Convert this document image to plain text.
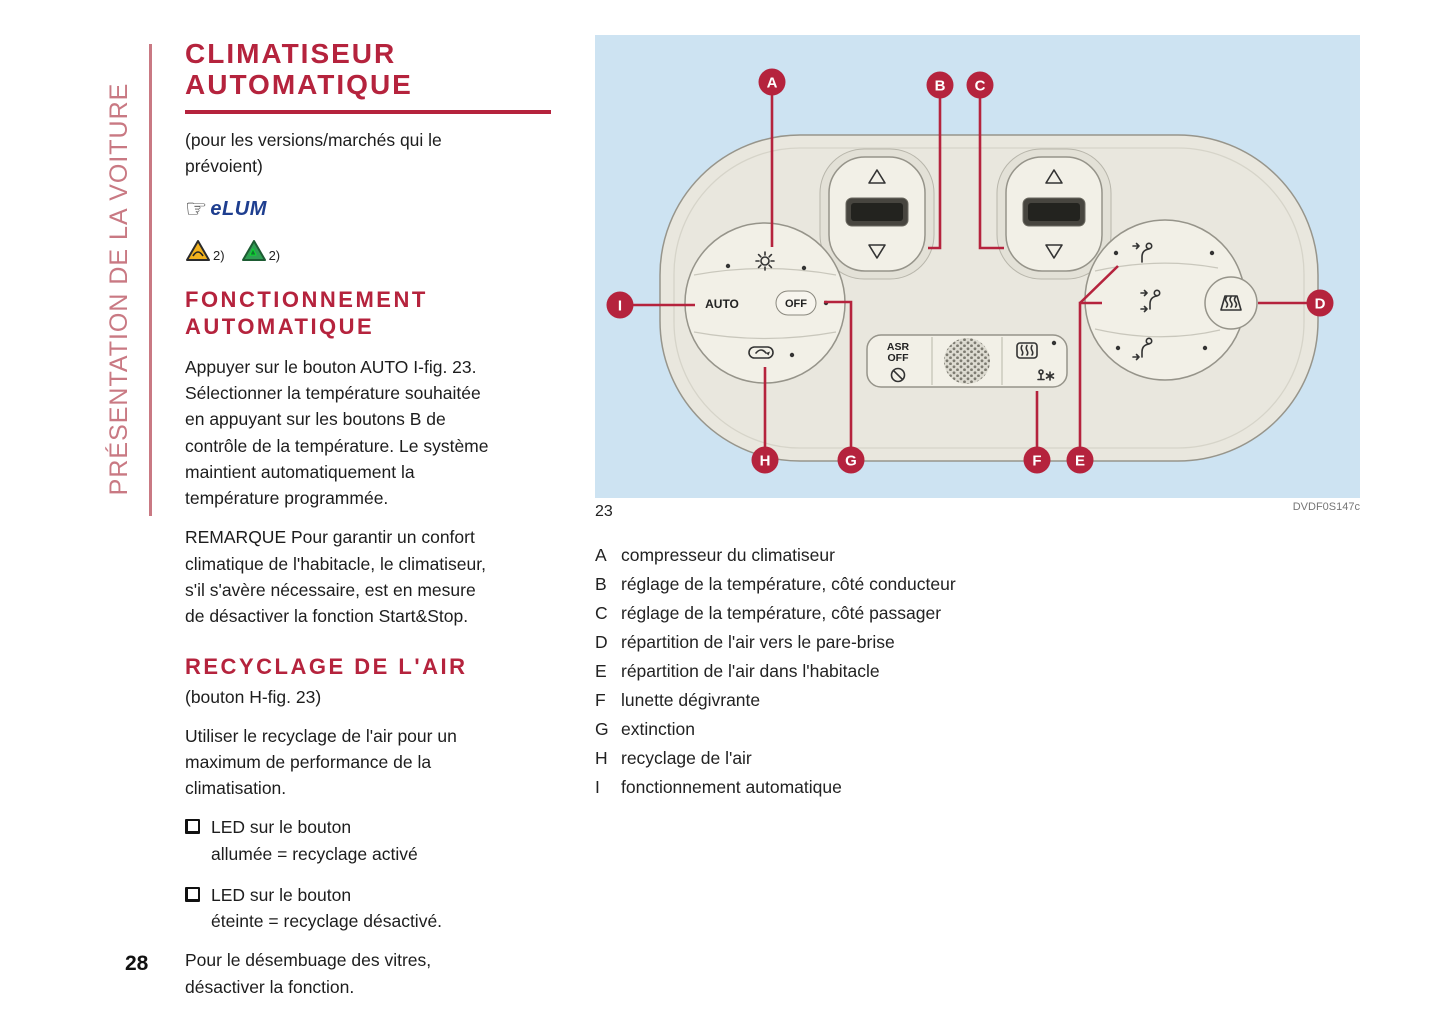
PRÉSENTATION DE LA VOITURE
28
CLIMATISEUR
AUTOMATIQUE
(pour les versions/marchés qui le
prévoient)
☞ eLUM
2)	2)
FONCTIONNEMENT
AUTOMATIQUE
Appuyer sur le bouton AUTO I-fig. 23.
Sélectionner la température souhaitée
en appuyant sur les boutons B de
contrôle de la température. Le système
maintient automatiquement la
température programmée.
REMARQUE Pour garantir un confort
climatique de l'habitacle, le climatiseur,
s'il s'avère nécessaire, est en mesure
de désactiver la fonction Start&Stop.
RECYCLAGE DE L'AIR
(bouton H-fig. 23)
Utiliser le recyclage de l'air pour un
maximum de performance de la
climatisation.
LED sur le bouton
allumée = recyclage activé
LED sur le bouton
éteinte = recyclage désactivé.
Pour le désembuage des vitres,
désactiver la fonction.
AUTO	OFF
ASR
OFF
A	B C
D
E
F
G
H
I
23	DVDF0S147c
A compresseur du climatiseur
B réglage de la température, côté conducteur
C réglage de la température, côté passager
D répartition de l'air vers le pare-brise
E répartition de l'air dans l'habitacle
F lunette dégivrante
G extinction
H recyclage de l'air
I	fonctionnement automatique
